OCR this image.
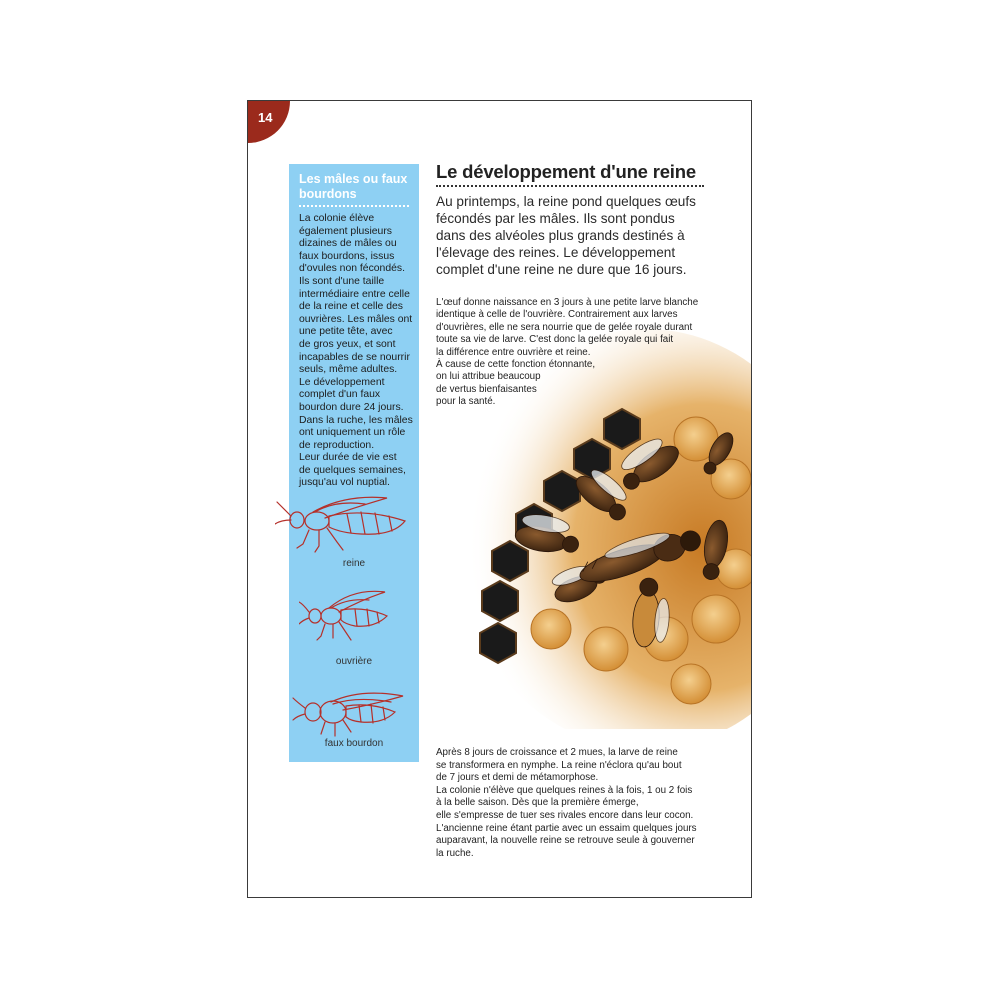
14
Les mâles ou faux bourdons
La colonie élève
également plusieurs
dizaines de mâles ou
faux bourdons, issus
d'ovules non fécondés.
Ils sont d'une taille
intermédiaire entre celle
de la reine et celle des
ouvrières. Les mâles ont
une petite tête, avec
de gros yeux, et sont
incapables de se nourrir
seuls, même adultes.
Le développement
complet d'un faux
bourdon dure 24 jours.
Dans la ruche, les mâles
ont uniquement un rôle
de reproduction.
Leur durée de vie est
de quelques semaines,
jusqu'au vol nuptial.
reine
ouvrière
faux bourdon
Le développement d'une reine

Au printemps, la reine pond quelques œufs fécondés par les mâles. Ils sont pondus dans des alvéoles plus grands destinés à l'élevage des reines. Le développement complet d'une reine ne dure que 16 jours.

L'œuf donne naissance en 3 jours à une petite larve blanche
identique à celle de l'ouvrière. Contrairement aux larves
d'ouvrières, elle ne sera nourrie que de gelée royale durant
toute sa vie de larve. C'est donc la gelée royale qui fait
la différence entre ouvrière et reine.
À cause de cette fonction étonnante,
on lui attribue beaucoup
de vertus bienfaisantes
pour la santé.

Après 8 jours de croissance et 2 mues, la larve de reine
se transformera en nymphe. La reine n'éclora qu'au bout
de 7 jours et demi de métamorphose.
La colonie n'élève que quelques reines à la fois, 1 ou 2 fois
à la belle saison. Dès que la première émerge,
elle s'empresse de tuer ses rivales encore dans leur cocon.
L'ancienne reine étant partie avec un essaim quelques jours
auparavant, la nouvelle reine se retrouve seule à gouverner
la ruche.
